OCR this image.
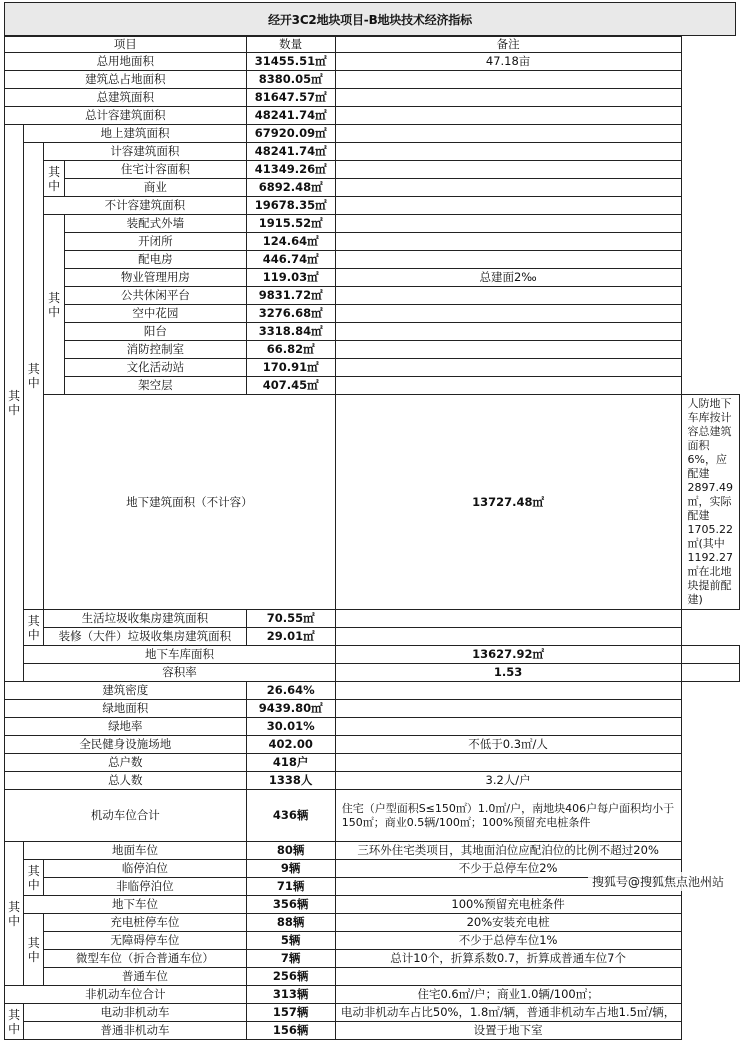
经开3C2地块项目-B地块技术经济指标
项目				数量	备注	
总用地面积				31455.51㎡	47.18亩	
建筑总占地面积				8380.05㎡		
总建筑面积				81647.57㎡		
总计容建筑面积				48241.74㎡		
其中	地上建筑面积			67920.09㎡		
	其中	计容建筑面积		48241.74㎡		
		其中	住宅计容面积	41349.26㎡		
			商业	6892.48㎡		
		不计容建筑面积		19678.35㎡		
		其中	装配式外墙	1915.52㎡		
			开闭所	124.64㎡		
			配电房	446.74㎡		
			物业管理用房	119.03㎡	总建面2‰	
			公共休闲平台	9831.72㎡		
			空中花园	3276.68㎡		
			阳台	3318.84㎡		
			消防控制室	66.82㎡		
			文化活动站	170.91㎡		
			架空层	407.45㎡		
		地下建筑面积（不计容）			13727.48㎡	人防地下车库按计容总建筑面积6%，应配建2897.49㎡，实际配建1705.22㎡(其中1192.27 ㎡在北地块提前配建)
	其中	生活垃圾收集房建筑面积		70.55㎡		
		装修（大件）垃圾收集房建筑面积		29.01㎡		
	地下车库面积				13627.92㎡	
	容积率				1.53	
建筑密度				26.64%		
绿地面积				9439.80㎡		
绿地率				30.01%		
全民健身设施场地				402.00	不低于0.3㎡/人	
总户数				418户		
总人数				1338人	3.2人/户	
机动车位合计				436辆	住宅（户型面积S≤150㎡）1.0㎡/户，南地块406户每户面积均小于150㎡；商业0.5辆/100㎡；100%预留充电桩条件	
其中	地面车位			80辆	三环外住宅类项目，其地面泊位应配泊位的比例不超过20%	
	其中	临停泊位		9辆	不少于总停车位2%	
		非临停泊位		71辆		
	地下车位			356辆	100%预留充电桩条件	
	其中	充电桩停车位		88辆	20%安装充电桩	
		无障碍停车位		5辆	不少于总停车位1%	
		微型车位（折合普通车位）		7辆	总计10个，折算系数0.7，折算成普通车位7个	
		普通车位		256辆		
非机动车位合计				313辆	住宅0.6㎡/户；商业1.0辆/100㎡；	
其中	电动非机动车			157辆	电动非机动车占比50%，1.8㎡/辆，普通非机动车占地1.5㎡/辆，	
	普通非机动车			156辆	设置于地下室	
搜狐号@搜狐焦点池州站
